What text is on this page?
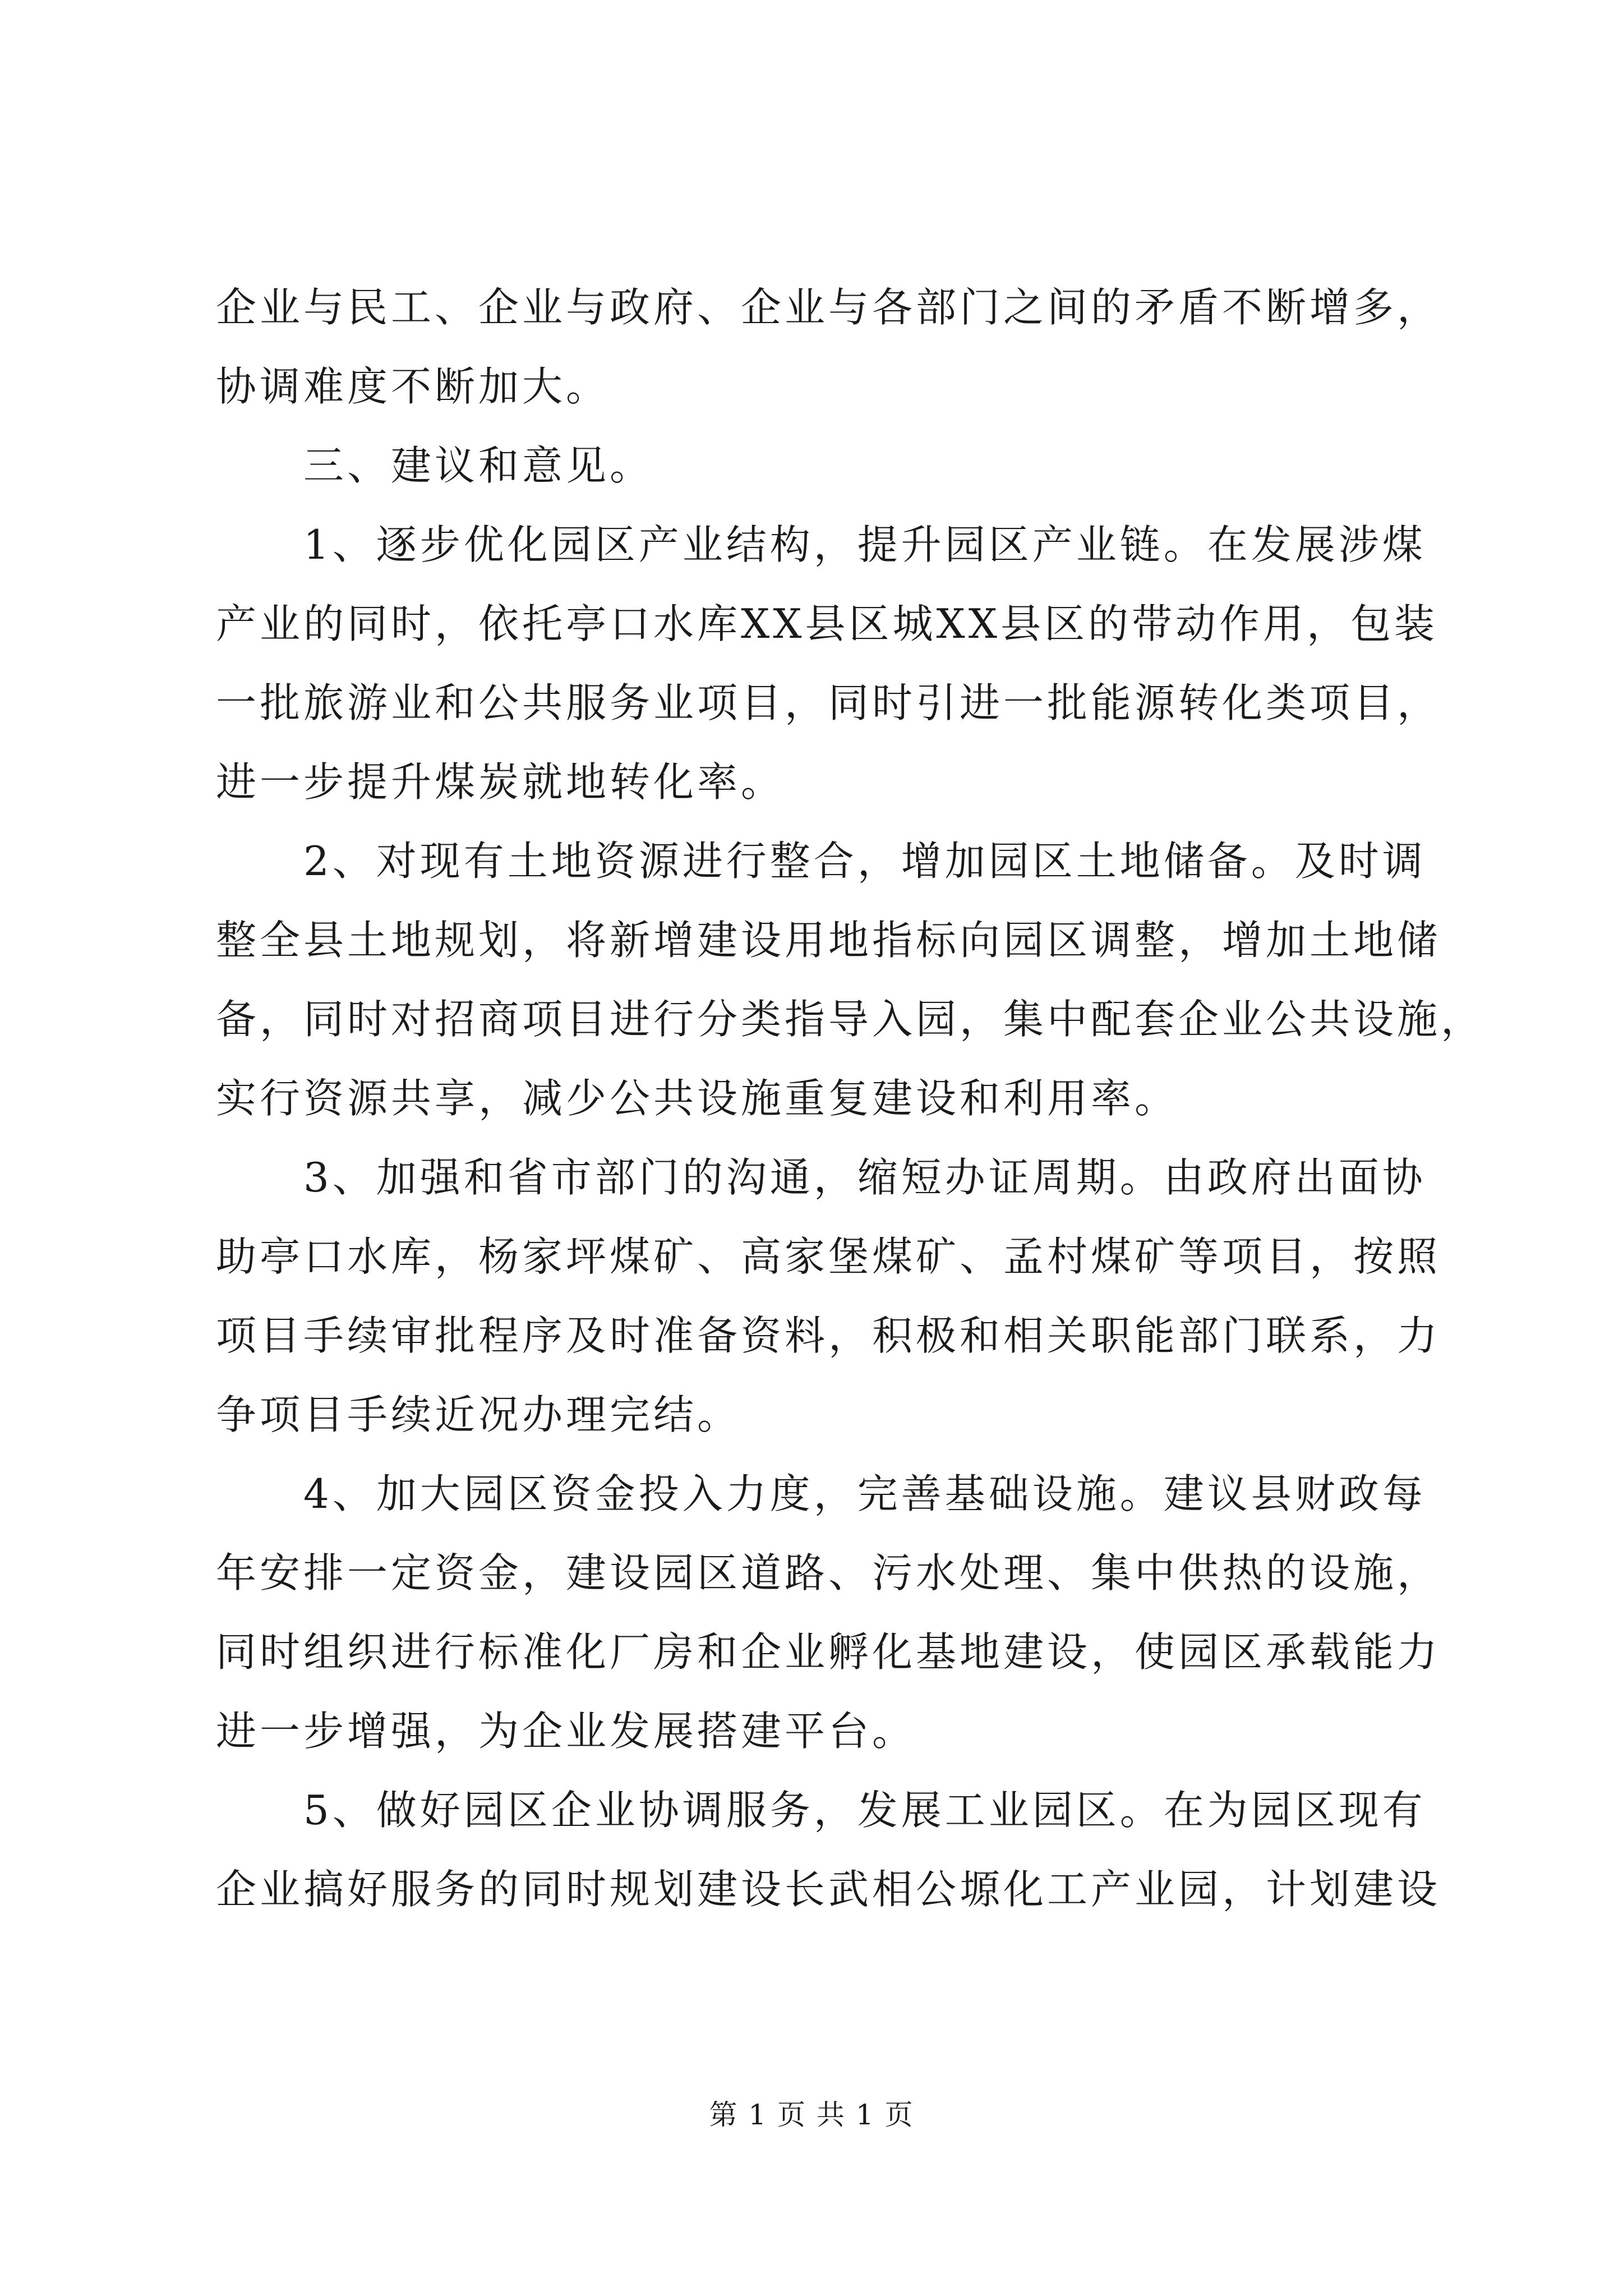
企业与民工、企业与政府、企业与各部门之间的矛盾不断增多，
协调难度不断加大。
三、建议和意见。
1、逐步优化园区产业结构，提升园区产业链。在发展涉煤
产业的同时，依托亭口水库XX县区城XX县区的带动作用，包装
一批旅游业和公共服务业项目，同时引进一批能源转化类项目，
进一步提升煤炭就地转化率。
2、对现有土地资源进行整合，增加园区土地储备。及时调
整全县土地规划，将新增建设用地指标向园区调整，增加土地储
备，同时对招商项目进行分类指导入园，集中配套企业公共设施，
实行资源共享，减少公共设施重复建设和利用率。
3、加强和省市部门的沟通，缩短办证周期。由政府出面协
助亭口水库，杨家坪煤矿、高家堡煤矿、孟村煤矿等项目，按照
项目手续审批程序及时准备资料，积极和相关职能部门联系，力
争项目手续近况办理完结。
4、加大园区资金投入力度，完善基础设施。建议县财政每
年安排一定资金，建设园区道路、污水处理、集中供热的设施，
同时组织进行标准化厂房和企业孵化基地建设，使园区承载能力
进一步增强，为企业发展搭建平台。
5、做好园区企业协调服务，发展工业园区。在为园区现有
企业搞好服务的同时规划建设长武相公塬化工产业园，计划建设
第 1 页 共 1 页
